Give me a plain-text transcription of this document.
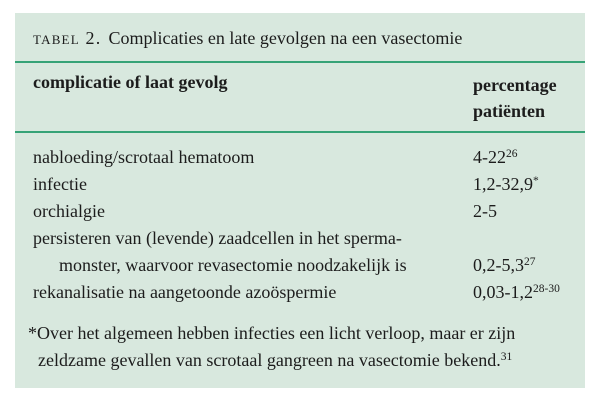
tabel 2. Complicaties en late gevolgen na een vasectomie
complicatie of laat gevolg	percentage
patiënten
nabloeding/scrotaal hematoom	$4-22^{26}$
infectie	1,2-32,9*
orchialgie	2-5
persisteren van (levende) zaadcellen in het sperma-
monster, waarvoor revasectomie noodzakelijk is	$0,2-5,3^{27}$
rekanalisatie na aangetoonde azoöspermie	0,03-1,2$^{28-30}$
*Over het algemeen hebben infecties een licht verloop, maar er zijn
zeldzame gevallen van scrotaal gangreen na vasectomie bekend.$^{31}$
